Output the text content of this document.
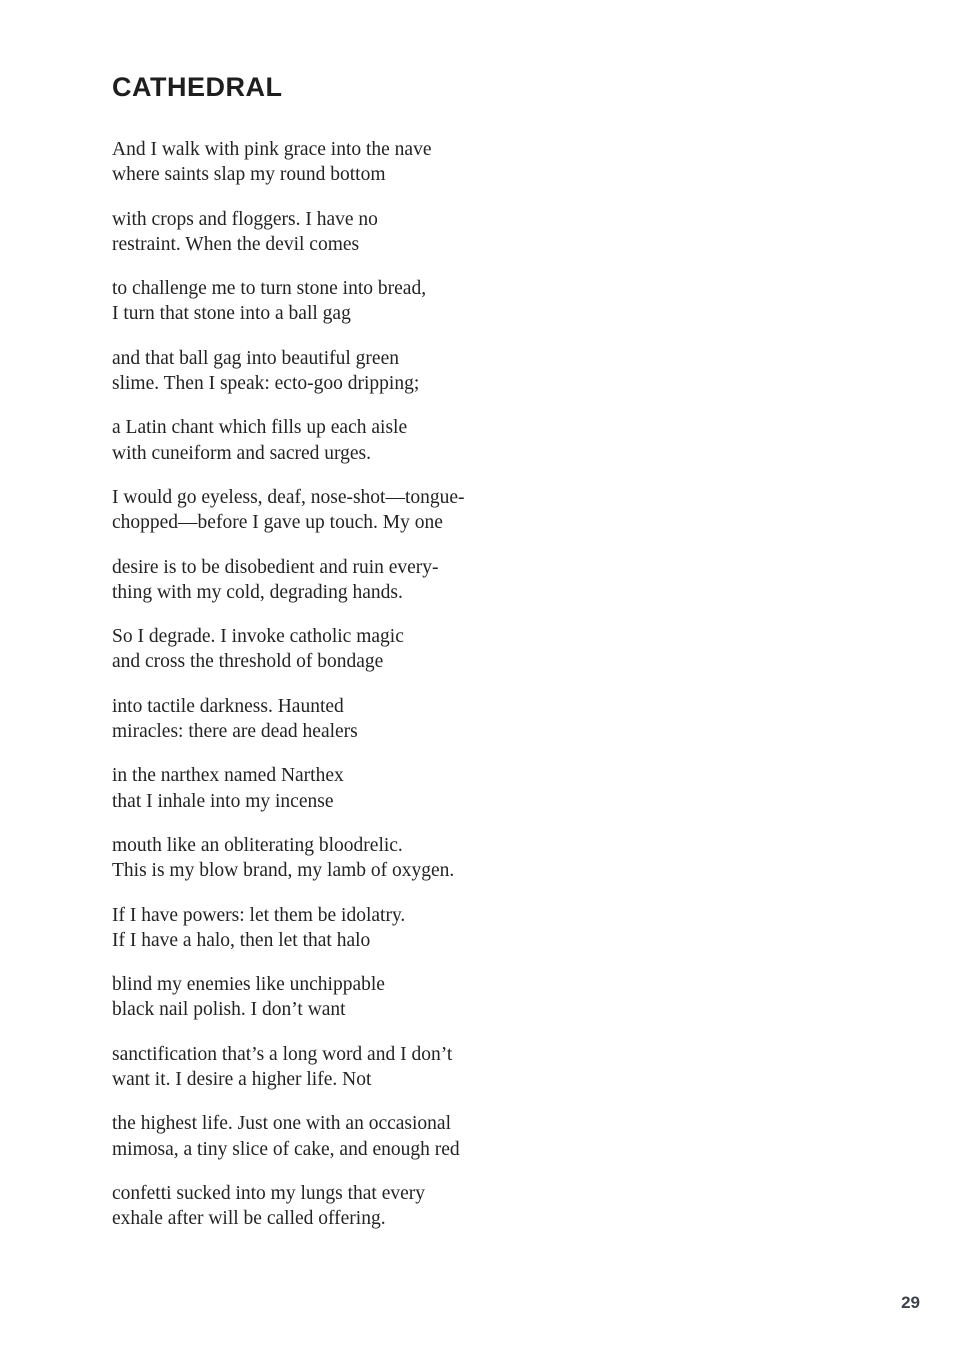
CATHEDRAL
And I walk with pink grace into the nave
where saints slap my round bottom
with crops and floggers. I have no
restraint. When the devil comes
to challenge me to turn stone into bread,
I turn that stone into a ball gag
and that ball gag into beautiful green
slime. Then I speak: ecto-goo dripping;
a Latin chant which fills up each aisle
with cuneiform and sacred urges.
I would go eyeless, deaf, nose-shot—tongue-
chopped—before I gave up touch. My one
desire is to be disobedient and ruin every-
thing with my cold, degrading hands.
So I degrade. I invoke catholic magic
and cross the threshold of bondage
into tactile darkness. Haunted
miracles: there are dead healers
in the narthex named Narthex
that I inhale into my incense
mouth like an obliterating bloodrelic.
This is my blow brand, my lamb of oxygen.
If I have powers: let them be idolatry.
If I have a halo, then let that halo
blind my enemies like unchippable
black nail polish. I don’t want
sanctification that’s a long word and I don’t
want it. I desire a higher life. Not
the highest life. Just one with an occasional
mimosa, a tiny slice of cake, and enough red
confetti sucked into my lungs that every
exhale after will be called offering.
29
